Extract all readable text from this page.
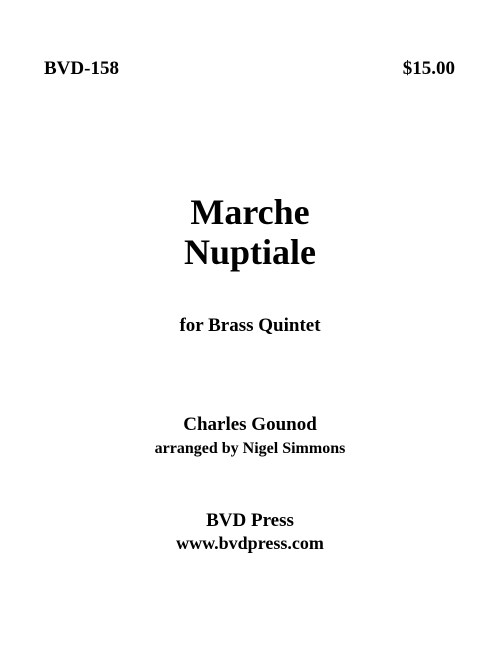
BVD-158	$15.00
Marche
Nuptiale
for Brass Quintet
Charles Gounod
arranged by Nigel Simmons
BVD Press
www.bvdpress.com
